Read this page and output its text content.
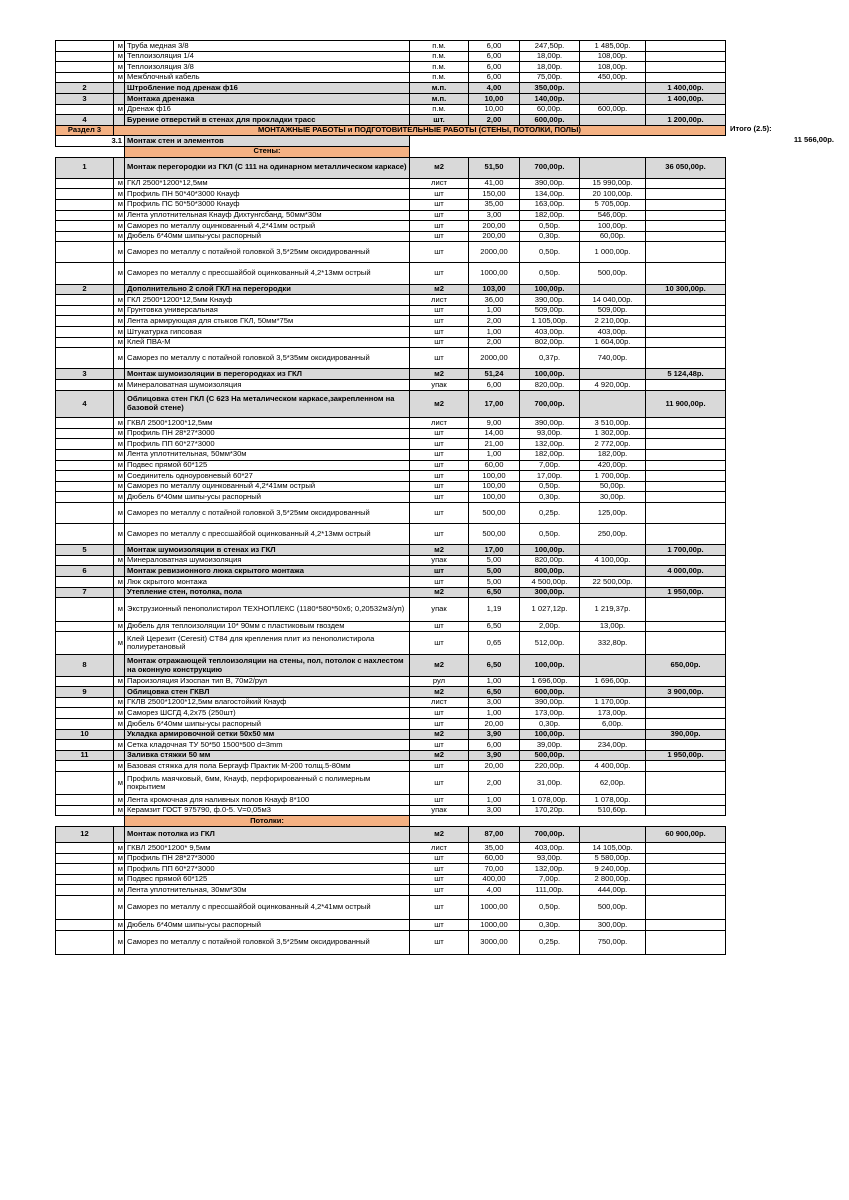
	м	Труба медная 3/8	п.м.	6,00	247,50р.	1 485,00р.	
	м	Теплоизоляция 1/4	п.м.	6,00	18,00р.	108,00р.	
	м	Теплоизоляция 3/8	п.м.	6,00	18,00р.	108,00р.	
	м	Межблочный кабель	п.м.	6,00	75,00р.	450,00р.	
2		Штробление под дренаж ф16	м.п.	4,00	350,00р.		1 400,00р.
3		Монтажа дренажа	м.п.	10,00	140,00р.		1 400,00р.
	м	Дренаж ф16	п.м.	10,00	60,00р.	600,00р.	
4		Бурение отверстий в стенах для прокладки трасс	шт.	2,00	600,00р.		1 200,00р.
Раздел 3	МОНТАЖНЫЕ РАБОТЫ и ПОДГОТОВИТЕЛЬНЫЕ РАБОТЫ (СТЕНЫ, ПОТОЛКИ, ПОЛЫ)						
3.1		Монтаж стен и элементов					
		Стены:					
1		Монтаж перегородки из ГКЛ (С 111 на одинарном металлическом каркасе)	м2	51,50	700,00р.		36 050,00р.
	м	ГКЛ 2500*1200*12,5мм	лист	41,00	390,00р.	15 990,00р.	
	м	Профиль ПН 50*40*3000 Кнауф	шт	150,00	134,00р.	20 100,00р.	
	м	Профиль ПС 50*50*3000 Кнауф	шт	35,00	163,00р.	5 705,00р.	
	м	Лента уплотнительная Кнауф Дихтунгсбанд, 50мм*30м	шт	3,00	182,00р.	546,00р.	
	м	Саморез по металлу оцинкованный 4,2*41мм острый	шт	200,00	0,50р.	100,00р.	
	м	Дюбель 6*40мм шипы-усы распорный	шт	200,00	0,30р.	60,00р.	
	м	Саморез по металлу с потайной головкой 3,5*25мм оксидированный	шт	2000,00	0,50р.	1 000,00р.	
	м	Саморез по металлу с прессшайбой оцинкованный 4,2*13мм острый	шт	1000,00	0,50р.	500,00р.	
2		Дополнительно 2 слой ГКЛ на перегородки	м2	103,00	100,00р.		10 300,00р.
	м	ГКЛ 2500*1200*12,5мм Кнауф	лист	36,00	390,00р.	14 040,00р.	
	м	Грунтовка универсальная	шт	1,00	509,00р.	509,00р.	
	м	Лента армирующая для стыков ГКЛ, 50мм*75м	шт	2,00	1 105,00р.	2 210,00р.	
	м	Штукатурка гипсовая	шт	1,00	403,00р.	403,00р.	
	м	Клей ПВА-М	шт	2,00	802,00р.	1 604,00р.	
	м	Саморез по металлу с потайной головкой 3,5*35мм оксидированный	шт	2000,00	0,37р.	740,00р.	
3		Монтаж шумоизоляции в перегородках из ГКЛ	м2	51,24	100,00р.		5 124,48р.
	м	Минераловатная шумоизоляция	упак	6,00	820,00р.	4 920,00р.	
4		Облицовка стен ГКЛ (С 623 На металическом каркасе,закрепленном на базовой стене)	м2	17,00	700,00р.		11 900,00р.
	м	ГКВЛ 2500*1200*12,5мм	лист	9,00	390,00р.	3 510,00р.	
	м	Профиль ПН 28*27*3000	шт	14,00	93,00р.	1 302,00р.	
	м	Профиль ПП 60*27*3000	шт	21,00	132,00р.	2 772,00р.	
	м	Лента уплотнительная, 50мм*30м	шт	1,00	182,00р.	182,00р.	
	м	Подвес прямой 60*125	шт	60,00	7,00р.	420,00р.	
	м	Соединитель одноуровневый 60*27	шт	100,00	17,00р.	1 700,00р.	
	м	Саморез по металлу оцинкованный 4,2*41мм острый	шт	100,00	0,50р.	50,00р.	
	м	Дюбель 6*40мм шипы-усы распорный	шт	100,00	0,30р.	30,00р.	
	м	Саморез по металлу с потайной головкой 3,5*25мм оксидированный	шт	500,00	0,25р.	125,00р.	
	м	Саморез по металлу с прессшайбой оцинкованный 4,2*13мм острый	шт	500,00	0,50р.	250,00р.	
5		Монтаж шумоизоляции в стенах из ГКЛ	м2	17,00	100,00р.		1 700,00р.
	м	Минераловатная шумоизоляция	упак	5,00	820,00р.	4 100,00р.	
6		Монтаж ревизионного люка скрытого монтажа	шт	5,00	800,00р.		4 000,00р.
	м	Люк скрытого монтажа	шт	5,00	4 500,00р.	22 500,00р.	
7		Утепление стен, потолка, пола	м2	6,50	300,00р.		1 950,00р.
	м	Экструзионный пенополистирол ТЕХНОПЛЕКС (1180*580*50х6; 0,20532м3/уп)	упак	1,19	1 027,12р.	1 219,37р.	
	м	Дюбель для теплоизоляции 10* 90мм с пластиковым гвоздем	шт	6,50	2,00р.	13,00р.	
	м	Клей Церезит (Ceresit) CT84 для крепления плит из пенополистирола полиуретановый	шт	0,65	512,00р.	332,80р.	
8		Монтаж отражающей теплоизоляции на стены, пол, потолок с нахлестом на оконную конструкцию	м2	6,50	100,00р.		650,00р.
	м	Пароизоляция Изоспан тип В, 70м2/рул	рул	1,00	1 696,00р.	1 696,00р.	
9		Облицовка стен ГКВЛ	м2	6,50	600,00р.		3 900,00р.
	м	ГКЛВ 2500*1200*12,5мм влагостойкий Кнауф	лист	3,00	390,00р.	1 170,00р.	
	м	Саморез ШСГД 4,2х75 (250шт)	шт	1,00	173,00р.	173,00р.	
	м	Дюбель 6*40мм шипы-усы распорный	шт	20,00	0,30р.	6,00р.	
10		Укладка армировочной сетки 50х50 мм	м2	3,90	100,00р.		390,00р.
	м	Сетка кладочная ТУ 50*50 1500*500 d=3mm	шт	6,00	39,00р.	234,00р.	
11		Заливка стяжки 50 мм	м2	3,90	500,00р.		1 950,00р.
	м	Базовая стяжка для пола Бергауф Практик М-200 толщ.5-80мм	шт	20,00	220,00р.	4 400,00р.	
	м	Профиль маячковый, 6мм, Кнауф, перфорированный с полимерным покрытием	шт	2,00	31,00р.	62,00р.	
	м	Лента кромочная для наливных полов Кнауф 8*100	шт	1,00	1 078,00р.	1 078,00р.	
	м	Керамзит ГОСТ 975790, ф.0-5. V=0,05м3	упак	3,00	170,20р.	510,60р.	
		Потолки:					
12		Монтаж потолка из ГКЛ	м2	87,00	700,00р.		60 900,00р.
	м	ГКВЛ 2500*1200* 9,5мм	лист	35,00	403,00р.	14 105,00р.	
	м	Профиль ПН 28*27*3000	шт	60,00	93,00р.	5 580,00р.	
	м	Профиль ПП 60*27*3000	шт	70,00	132,00р.	9 240,00р.	
	м	Подвес прямой 60*125	шт	400,00	7,00р.	2 800,00р.	
	м	Лента уплотнительная, 30мм*30м	шт	4,00	111,00р.	444,00р.	
	м	Саморез по металлу с прессшайбой оцинкованный 4,2*41мм острый	шт	1000,00	0,50р.	500,00р.	
	м	Дюбель 6*40мм шипы-усы распорный	шт	1000,00	0,30р.	300,00р.	
	м	Саморез по металлу с потайной головкой 3,5*25мм оксидированный	шт	3000,00	0,25р.	750,00р.	
Итого (2.5):
11 566,00р.
